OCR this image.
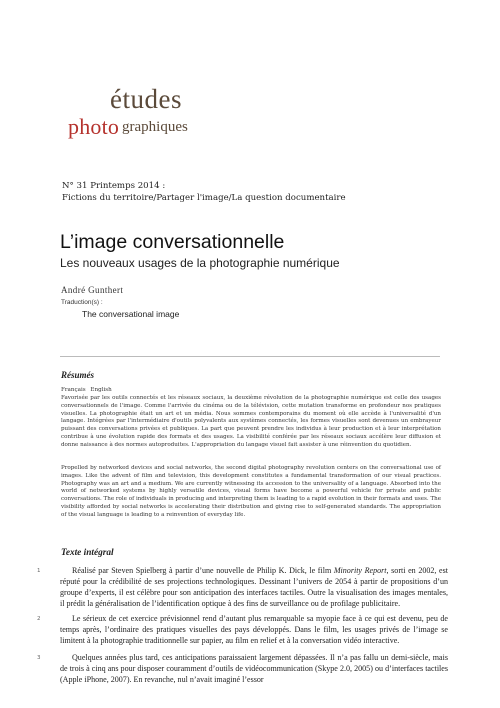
études
photo graphiques
N° 31 Printemps 2014 :
Fictions du territoire/Partager l'image/La question documentaire
L’image conversationnelle
Les nouveaux usages de la photographie numérique
André Gunthert
Traduction(s) :
The conversational image
Résumés
Français English
Favorisée par les outils connectés et les réseaux sociaux, la deuxième révolution de la photographie numérique est celle des usages conversationnels de l'image. Comme l'arrivée du cinéma ou de la télévision, cette mutation transforme en profondeur nos pratiques visuelles. La photographie était un art et un média. Nous sommes contemporains du moment où elle accède à l'universalité d'un langage. Intégrées par l'intermédiaire d'outils polyvalents aux systèmes connectés, les formes visuelles sont devenues un embrayeur puissant des conversations privées et publiques. La part que peuvent prendre les individus à leur production et à leur interprétation contribue à une évolution rapide des formats et des usages. La visibilité conférée par les réseaux sociaux accélère leur diffusion et donne naissance à des normes autoproduites. L'appropriation du langage visuel fait assister à une réinvention du quotidien.
Propelled by networked devices and social networks, the second digital photography revolution centers on the conversational use of images. Like the advent of film and television, this development constitutes a fundamental transformation of our visual practices. Photography was an art and a medium. We are currently witnessing its accession to the universality of a language. Absorbed into the world of networked systems by highly versatile devices, visual forms have become a powerful vehicle for private and public conversations. The role of individuals in producing and interpreting them is leading to a rapid evolution in their formats and uses. The visibility afforded by social networks is accelerating their distribution and giving rise to self-generated standards. The appropriation of the visual language is leading to a reinvention of everyday life.
Texte intégral
1	Réalisé par Steven Spielberg à partir d’une nouvelle de Philip K. Dick, le film Minority Report, sorti en 2002, est réputé pour la crédibilité de ses projections technologiques. Dessinant l’univers de 2054 à partir de propositions d’un groupe d’experts, il est célèbre pour son anticipation des interfaces tactiles. Outre la visualisation des images mentales, il prédit la généralisation de l’identification optique à des fins de surveillance ou de profilage publicitaire.
2	Le sérieux de cet exercice prévisionnel rend d’autant plus remarquable sa myopie face à ce qui est devenu, peu de temps après, l’ordinaire des pratiques visuelles des pays développés. Dans le film, les usages privés de l’image se limitent à la photographie traditionnelle sur papier, au film en relief et à la conversation vidéo interactive.
3	Quelques années plus tard, ces anticipations paraissaient largement dépassées. Il n’a pas fallu un demi-siècle, mais de trois à cinq ans pour disposer couramment d’outils de vidéocommunication (Skype 2.0, 2005) ou d’interfaces tactiles (Apple iPhone, 2007). En revanche, nul n’avait imaginé l’essor
